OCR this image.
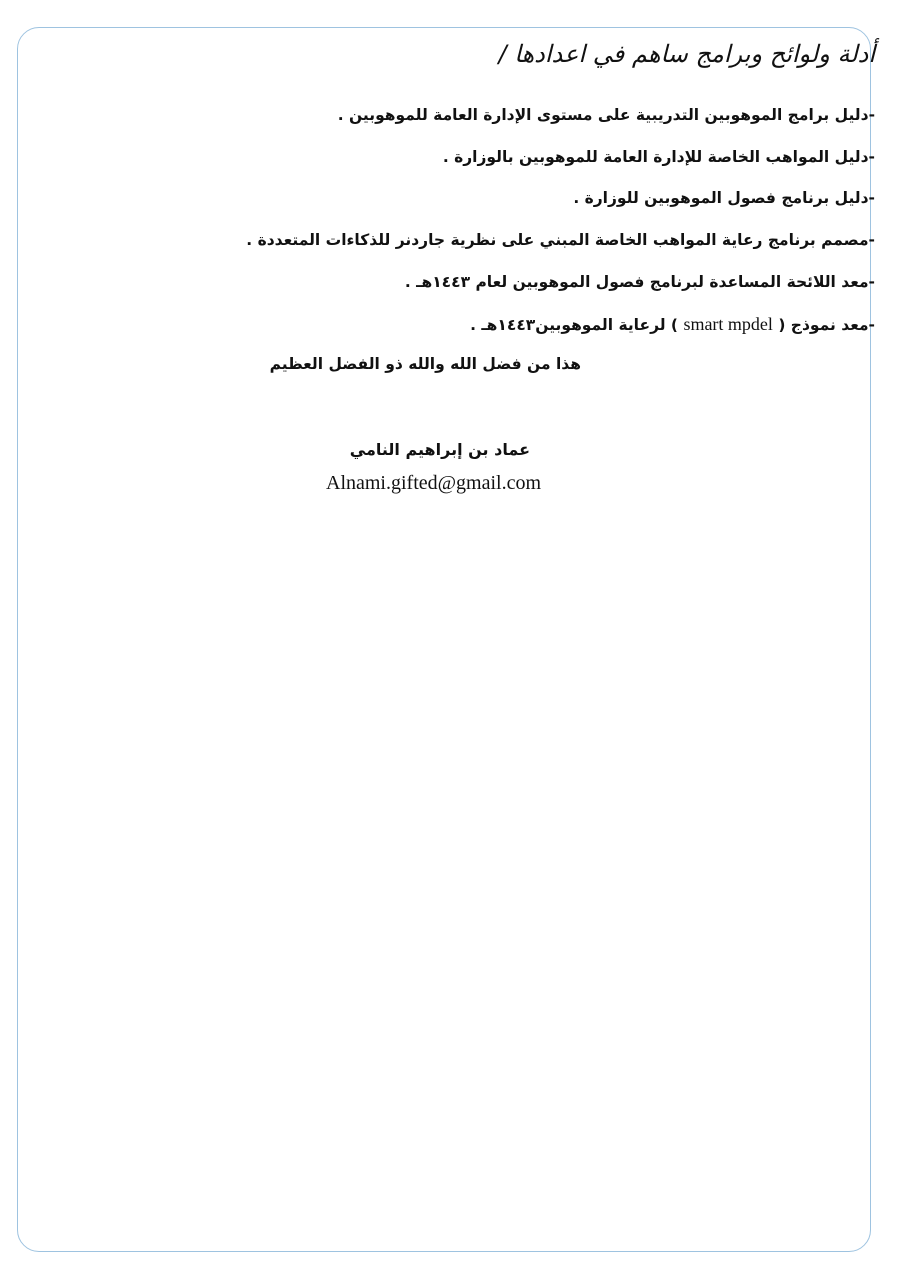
أدلة ولوائح وبرامج ساهم في اعدادها /
-دليل برامج الموهوبين التدريبية على مستوى الإدارة العامة للموهوبين .
-دليل المواهب الخاصة للإدارة العامة للموهوبين بالوزارة .
-دليل برنامج فصول الموهوبين للوزارة .
-مصمم برنامج رعاية المواهب الخاصة المبني على نظرية جاردنر للذكاءات المتعددة .
-معد اللائحة المساعدة لبرنامج فصول الموهوبين لعام ١٤٤٣هـ .
-معد نموذج ( smart mpdel ) لرعاية الموهوبين١٤٤٣هـ .
هذا من فضل الله والله ذو الفضل العظيم
عماد بن إبراهيم النامي
Alnami.gifted@gmail.com
